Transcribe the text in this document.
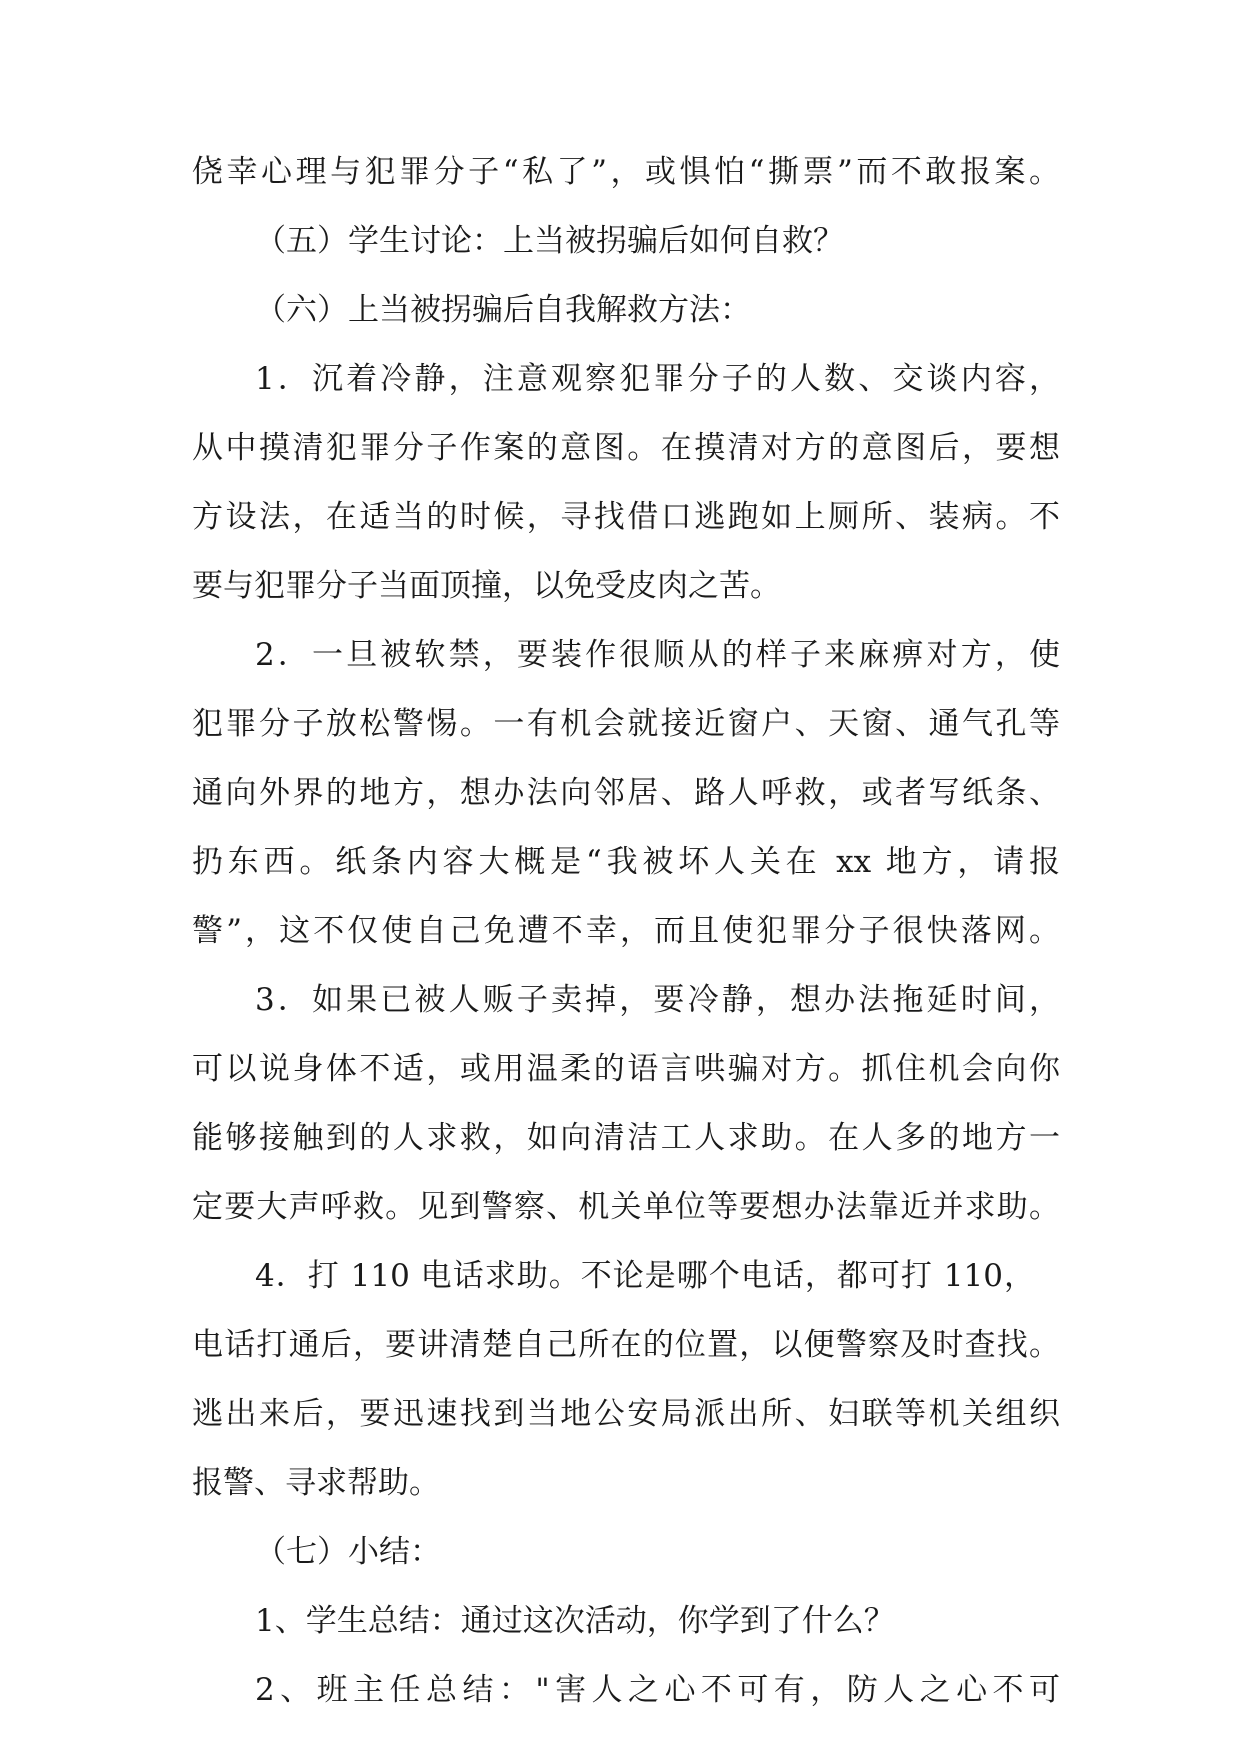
侥幸心理与犯罪分子“私了”，或惧怕“撕票”而不敢报案。
（五）学生讨论：上当被拐骗后如何自救？
（六）上当被拐骗后自我解救方法：
1．沉着冷静，注意观察犯罪分子的人数、交谈内容，
从中摸清犯罪分子作案的意图。在摸清对方的意图后，要想
方设法，在适当的时候，寻找借口逃跑如上厕所、装病。不
要与犯罪分子当面顶撞，以免受皮肉之苦。
2．一旦被软禁，要装作很顺从的样子来麻痹对方，使
犯罪分子放松警惕。一有机会就接近窗户、天窗、通气孔等
通向外界的地方，想办法向邻居、路人呼救，或者写纸条、
扔东西。纸条内容大概是“我被坏人关在 xx 地方，请报
警”，这不仅使自己免遭不幸，而且使犯罪分子很快落网。
3．如果已被人贩子卖掉，要冷静，想办法拖延时间，
可以说身体不适，或用温柔的语言哄骗对方。抓住机会向你
能够接触到的人求救，如向清洁工人求助。在人多的地方一
定要大声呼救。见到警察、机关单位等要想办法靠近并求助。
4．打 110 电话求助。不论是哪个电话，都可打 110，
电话打通后，要讲清楚自己所在的位置，以便警察及时查找。
逃出来后，要迅速找到当地公安局派出所、妇联等机关组织
报警、寻求帮助。
（七）小结：
1、学生总结：通过这次活动，你学到了什么？
2、班主任总结："害人之心不可有，防人之心不可
